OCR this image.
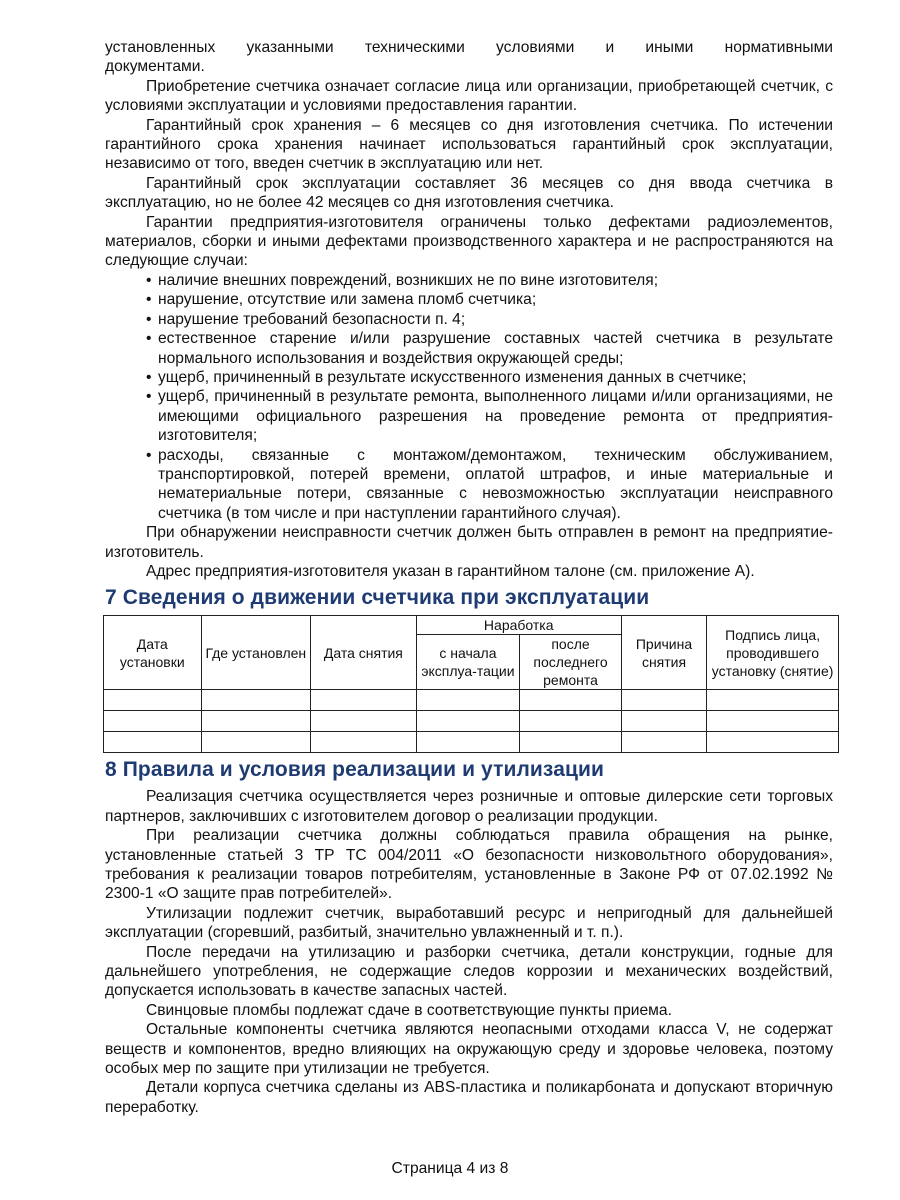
установленных указанными техническими условиями и иными нормативными

документами.

Приобретение счетчика означает согласие лица или организации, приобретающей счетчик, с условиями эксплуатации и условиями предоставления гарантии.

Гарантийный срок хранения – 6 месяцев со дня изготовления счетчика. По истечении гарантийного срока хранения начинает использоваться гарантийный срок эксплуатации, независимо от того, введен счетчик в эксплуатацию или нет.

Гарантийный срок эксплуатации составляет 36 месяцев со дня ввода счетчика в эксплуатацию, но не более 42 месяцев со дня изготовления счетчика.

Гарантии предприятия-изготовителя ограничены только дефектами радиоэлементов, материалов, сборки и иными дефектами производственного характера и не распространяются на следующие случаи:

• наличие внешних повреждений, возникших не по вине изготовителя;
• нарушение, отсутствие или замена пломб счетчика;
• нарушение требований безопасности п. 4;
• естественное старение и/или разрушение составных частей счетчика в результате нормального использования и воздействия окружающей среды;
• ущерб, причиненный в результате искусственного изменения данных в счетчике;
• ущерб, причиненный в результате ремонта, выполненного лицами и/или организациями, не имеющими официального разрешения на проведение ремонта от предприятия-изготовителя;
• расходы, связанные с монтажом/демонтажом, техническим обслуживанием, транспортировкой, потерей времени, оплатой штрафов, и иные материальные и нематериальные потери, связанные с невозможностью эксплуатации неисправного счетчика (в том числе и при наступлении гарантийного случая).

При обнаружении неисправности счетчик должен быть отправлен в ремонт на предприятие-изготовитель.

Адрес предприятия-изготовителя указан в гарантийном талоне (см. приложение А).

7 Сведения о движении счетчика при эксплуатации
Дата установки	Где установлен	Дата снятия	Наработка		Причина снятия	Подпись лица, проводившего установку (снятие)
			с начала эксплуа-тации	после последнего ремонта		

8 Правила и условия реализации и утилизации

Реализация счетчика осуществляется через розничные и оптовые дилерские сети торговых партнеров, заключивших с изготовителем договор о реализации продукции.

При реализации счетчика должны соблюдаться правила обращения на рынке, установленные статьей 3 ТР ТС 004/2011 «О безопасности низковольтного оборудования», требования к реализации товаров потребителям, установленные в Законе РФ от 07.02.1992 № 2300-1 «О защите прав потребителей».

Утилизации подлежит счетчик, выработавший ресурс и непригодный для дальнейшей эксплуатации (сгоревший, разбитый, значительно увлажненный и т. п.).

После передачи на утилизацию и разборки счетчика, детали конструкции, годные для дальнейшего употребления, не содержащие следов коррозии и механических воздействий, допускается использовать в качестве запасных частей.

Свинцовые пломбы подлежат сдаче в соответствующие пункты приема.

Остальные компоненты счетчика являются неопасными отходами класса V, не содержат веществ и компонентов, вредно влияющих на окружающую среду и здоровье человека, поэтому особых мер по защите при утилизации не требуется.

Детали корпуса счетчика сделаны из ABS-пластика и поликарбоната и допускают вторичную переработку.

Страница 4 из 8
